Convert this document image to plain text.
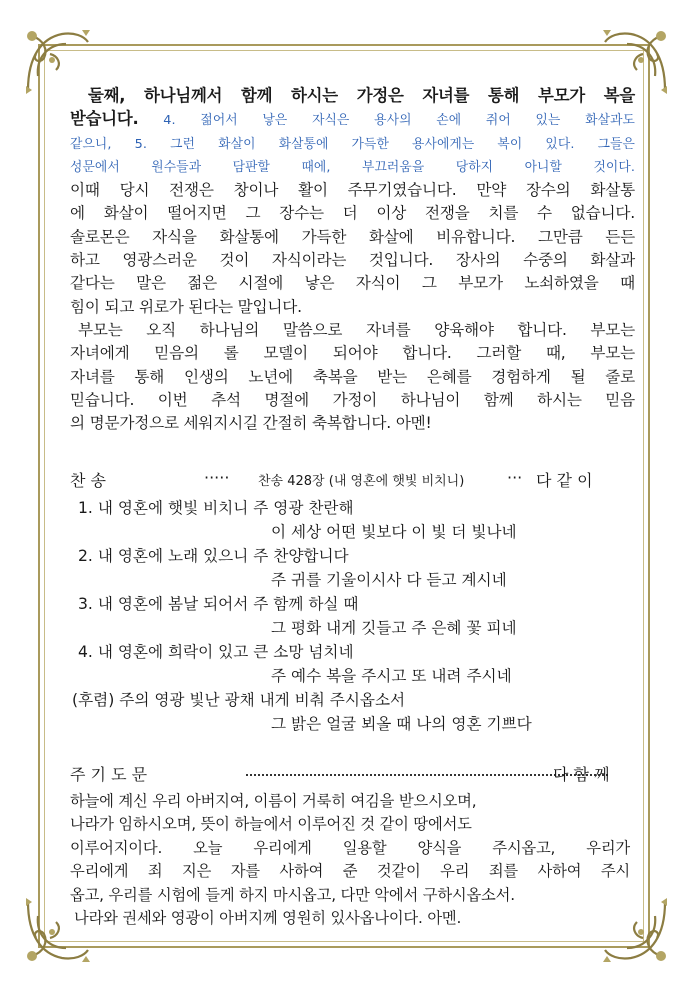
둘째, 하나님께서 함께 하시는 가정은 자녀를 통해 부모가 복을
받습니다. 4. 젊어서 낳은 자식은 용사의 손에 쥐어 있는 화살과도
같으니, 5. 그런 화살이 화살통에 가득한 용사에게는 복이 있다. 그들은
성문에서 원수들과 담판할 때에, 부끄러움을 당하지 아니할 것이다.
이때 당시 전쟁은 창이나 활이 주무기였습니다. 만약 장수의 화살통
에 화살이 떨어지면 그 장수는 더 이상 전쟁을 치를 수 없습니다.
솔로몬은 자식을 화살통에 가득한 화살에 비유합니다. 그만큼 든든
하고 영광스러운 것이 자식이라는 것입니다. 장사의 수중의 화살과
같다는 말은 젊은 시절에 낳은 자식이 그 부모가 노쇠하였을 때
힘이 되고 위로가 된다는 말입니다.
부모는 오직 하나님의 말씀으로 자녀를 양육해야 합니다. 부모는
자녀에게 믿음의 롤 모델이 되어야 합니다. 그러할 때, 부모는
자녀를 통해 인생의 노년에 축복을 받는 은혜를 경험하게 될 줄로
믿습니다. 이번 추석 명절에 가정이 하나님이 함께 하시는 믿음
의 명문가정으로 세워지시길 간절히 축복합니다. 아멘!
찬 송	····· 찬송 428장 (내 영혼에 햇빛 비치니)	··· 다 같 이
1. 내 영혼에 햇빛 비치니 주 영광 찬란해
이 세상 어떤 빛보다 이 빛 더 빛나네
2. 내 영혼에 노래 있으니 주 찬양합니다
주 귀를 기울이시사 다 듣고 계시네
3. 내 영혼에 봄날 되어서 주 함께 하실 때
그 평화 내게 깃들고 주 은혜 꽃 피네
4. 내 영혼에 희락이 있고 큰 소망 넘치네
주 예수 복을 주시고 또 내려 주시네
(후렴) 주의 영광 빛난 광채 내게 비춰 주시옵소서
그 밝은 얼굴 뵈올 때 나의 영혼 기쁘다
주 기 도 문	다 함 께
하늘에 계신 우리 아버지여, 이름이 거룩히 여김을 받으시오며,
나라가 임하시오며, 뜻이 하늘에서 이루어진 것 같이 땅에서도
이루어지이다. 오늘 우리에게 일용할 양식을 주시옵고, 우리가
우리에게 죄 지은 자를 사하여 준 것같이 우리 죄를 사하여 주시
옵고, 우리를 시험에 들게 하지 마시옵고, 다만 악에서 구하시옵소서.
나라와 권세와 영광이 아버지께 영원히 있사옵나이다. 아멘.
